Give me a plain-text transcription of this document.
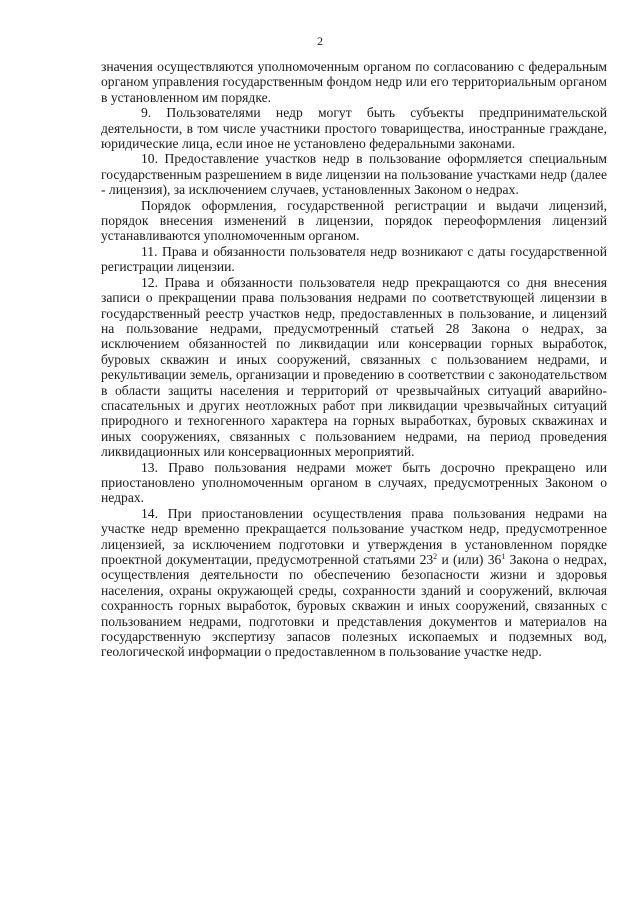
2

значения осуществляются уполномоченным органом по согласованию с федеральным органом управления государственным фондом недр или его территориальным органом в установленном им порядке.

9. Пользователями недр могут быть субъекты предпринимательской деятельности, в том числе участники простого товарищества, иностранные граждане, юридические лица, если иное не установлено федеральными законами.

10. Предоставление участков недр в пользование оформляется специальным государственным разрешением в виде лицензии на пользование участками недр (далее - лицензия), за исключением случаев, установленных Законом о недрах.

Порядок оформления, государственной регистрации и выдачи лицензий, порядок внесения изменений в лицензии, порядок переоформления лицензий устанавливаются уполномоченным органом.

11. Права и обязанности пользователя недр возникают с даты государственной регистрации лицензии.

12. Права и обязанности пользователя недр прекращаются со дня внесения записи о прекращении права пользования недрами по соответствующей лицензии в государственный реестр участков недр, предоставленных в пользование, и лицензий на пользование недрами, предусмотренный статьей 28 Закона о недрах, за исключением обязанностей по ликвидации или консервации горных выработок, буровых скважин и иных сооружений, связанных с пользованием недрами, и рекультивации земель, организации и проведению в соответствии с законодательством в области защиты населения и территорий от чрезвычайных ситуаций аварийно-спасательных и других неотложных работ при ликвидации чрезвычайных ситуаций природного и техногенного характера на горных выработках, буровых скважинах и иных сооружениях, связанных с пользованием недрами, на период проведения ликвидационных или консервационных мероприятий.

13. Право пользования недрами может быть досрочно прекращено или приостановлено уполномоченным органом в случаях, предусмотренных Законом о недрах.

14. При приостановлении осуществления права пользования недрами на участке недр временно прекращается пользование участком недр, предусмотренное лицензией, за исключением подготовки и утверждения в установленном порядке проектной документации, предусмотренной статьями $23^2$ и (или) $36^1$ Закона о недрах, осуществления деятельности по обеспечению безопасности жизни и здоровья населения, охраны окружающей среды, сохранности зданий и сооружений, включая сохранность горных выработок, буровых скважин и иных сооружений, связанных с пользованием недрами, подготовки и представления документов и материалов на государственную экспертизу запасов полезных ископаемых и подземных вод, геологической информации о предоставленном в пользование участке недр.
